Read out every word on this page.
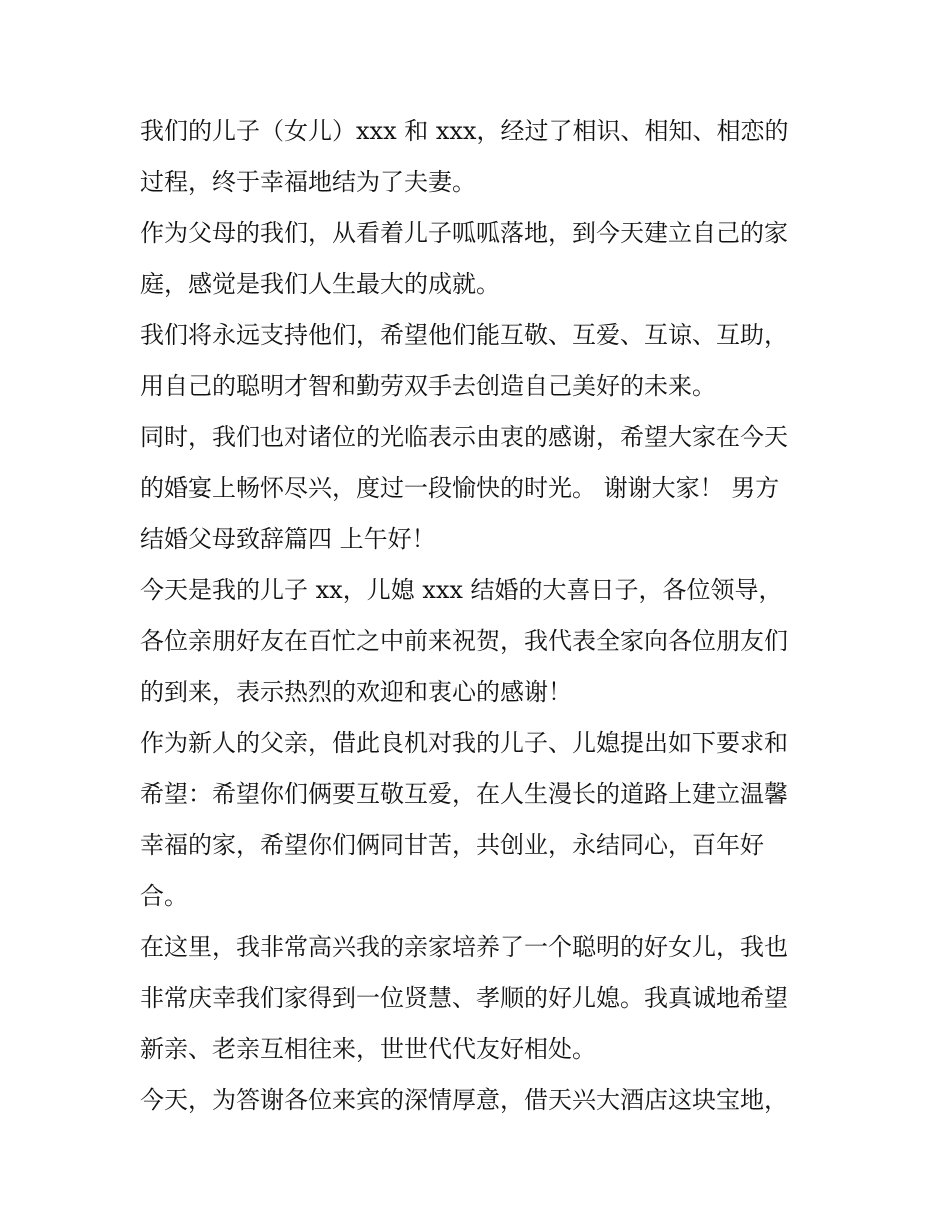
我们的儿子（女儿）xxx 和 xxx，经过了相识、相知、相恋的
过程，终于幸福地结为了夫妻。
作为父母的我们，从看着儿子呱呱落地，到今天建立自己的家
庭，感觉是我们人生最大的成就。
我们将永远支持他们，希望他们能互敬、互爱、互谅、互助，
用自己的聪明才智和勤劳双手去创造自己美好的未来。
同时，我们也对诸位的光临表示由衷的感谢，希望大家在今天
的婚宴上畅怀尽兴，度过一段愉快的时光。 谢谢大家！ 男方
结婚父母致辞篇四 上午好！
今天是我的儿子 xx，儿媳 xxx 结婚的大喜日子，各位领导，
各位亲朋好友在百忙之中前来祝贺，我代表全家向各位朋友们
的到来，表示热烈的欢迎和衷心的感谢！
作为新人的父亲，借此良机对我的儿子、儿媳提出如下要求和
希望：希望你们俩要互敬互爱，在人生漫长的道路上建立温馨
幸福的家，希望你们俩同甘苦，共创业，永结同心，百年好
合。
在这里，我非常高兴我的亲家培养了一个聪明的好女儿，我也
非常庆幸我们家得到一位贤慧、孝顺的好儿媳。我真诚地希望
新亲、老亲互相往来，世世代代友好相处。
今天，为答谢各位来宾的深情厚意，借天兴大酒店这块宝地，
